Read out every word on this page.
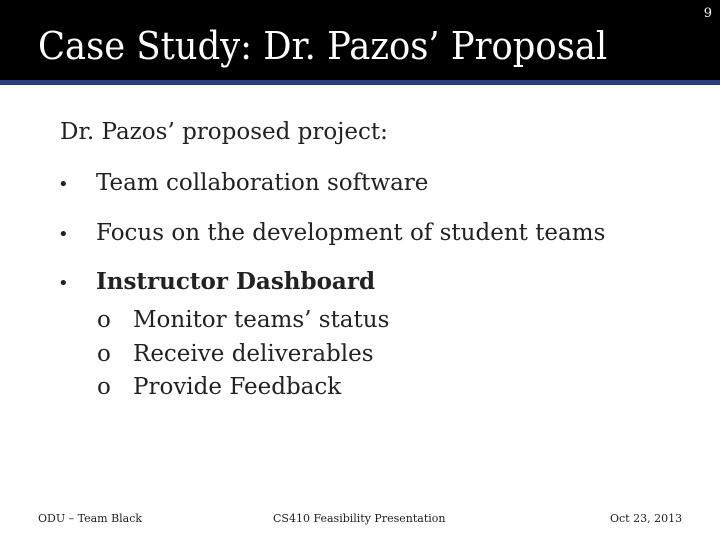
Case Study: Dr. Pazos’ Proposal
9
Dr. Pazos’ proposed project:
• Team collaboration software
• Focus on the development of student teams
• Instructor Dashboard
o Monitor teams’ status
o Receive deliverables
o Provide Feedback
ODU – Team Black	CS410 Feasibility Presentation	Oct 23, 2013
